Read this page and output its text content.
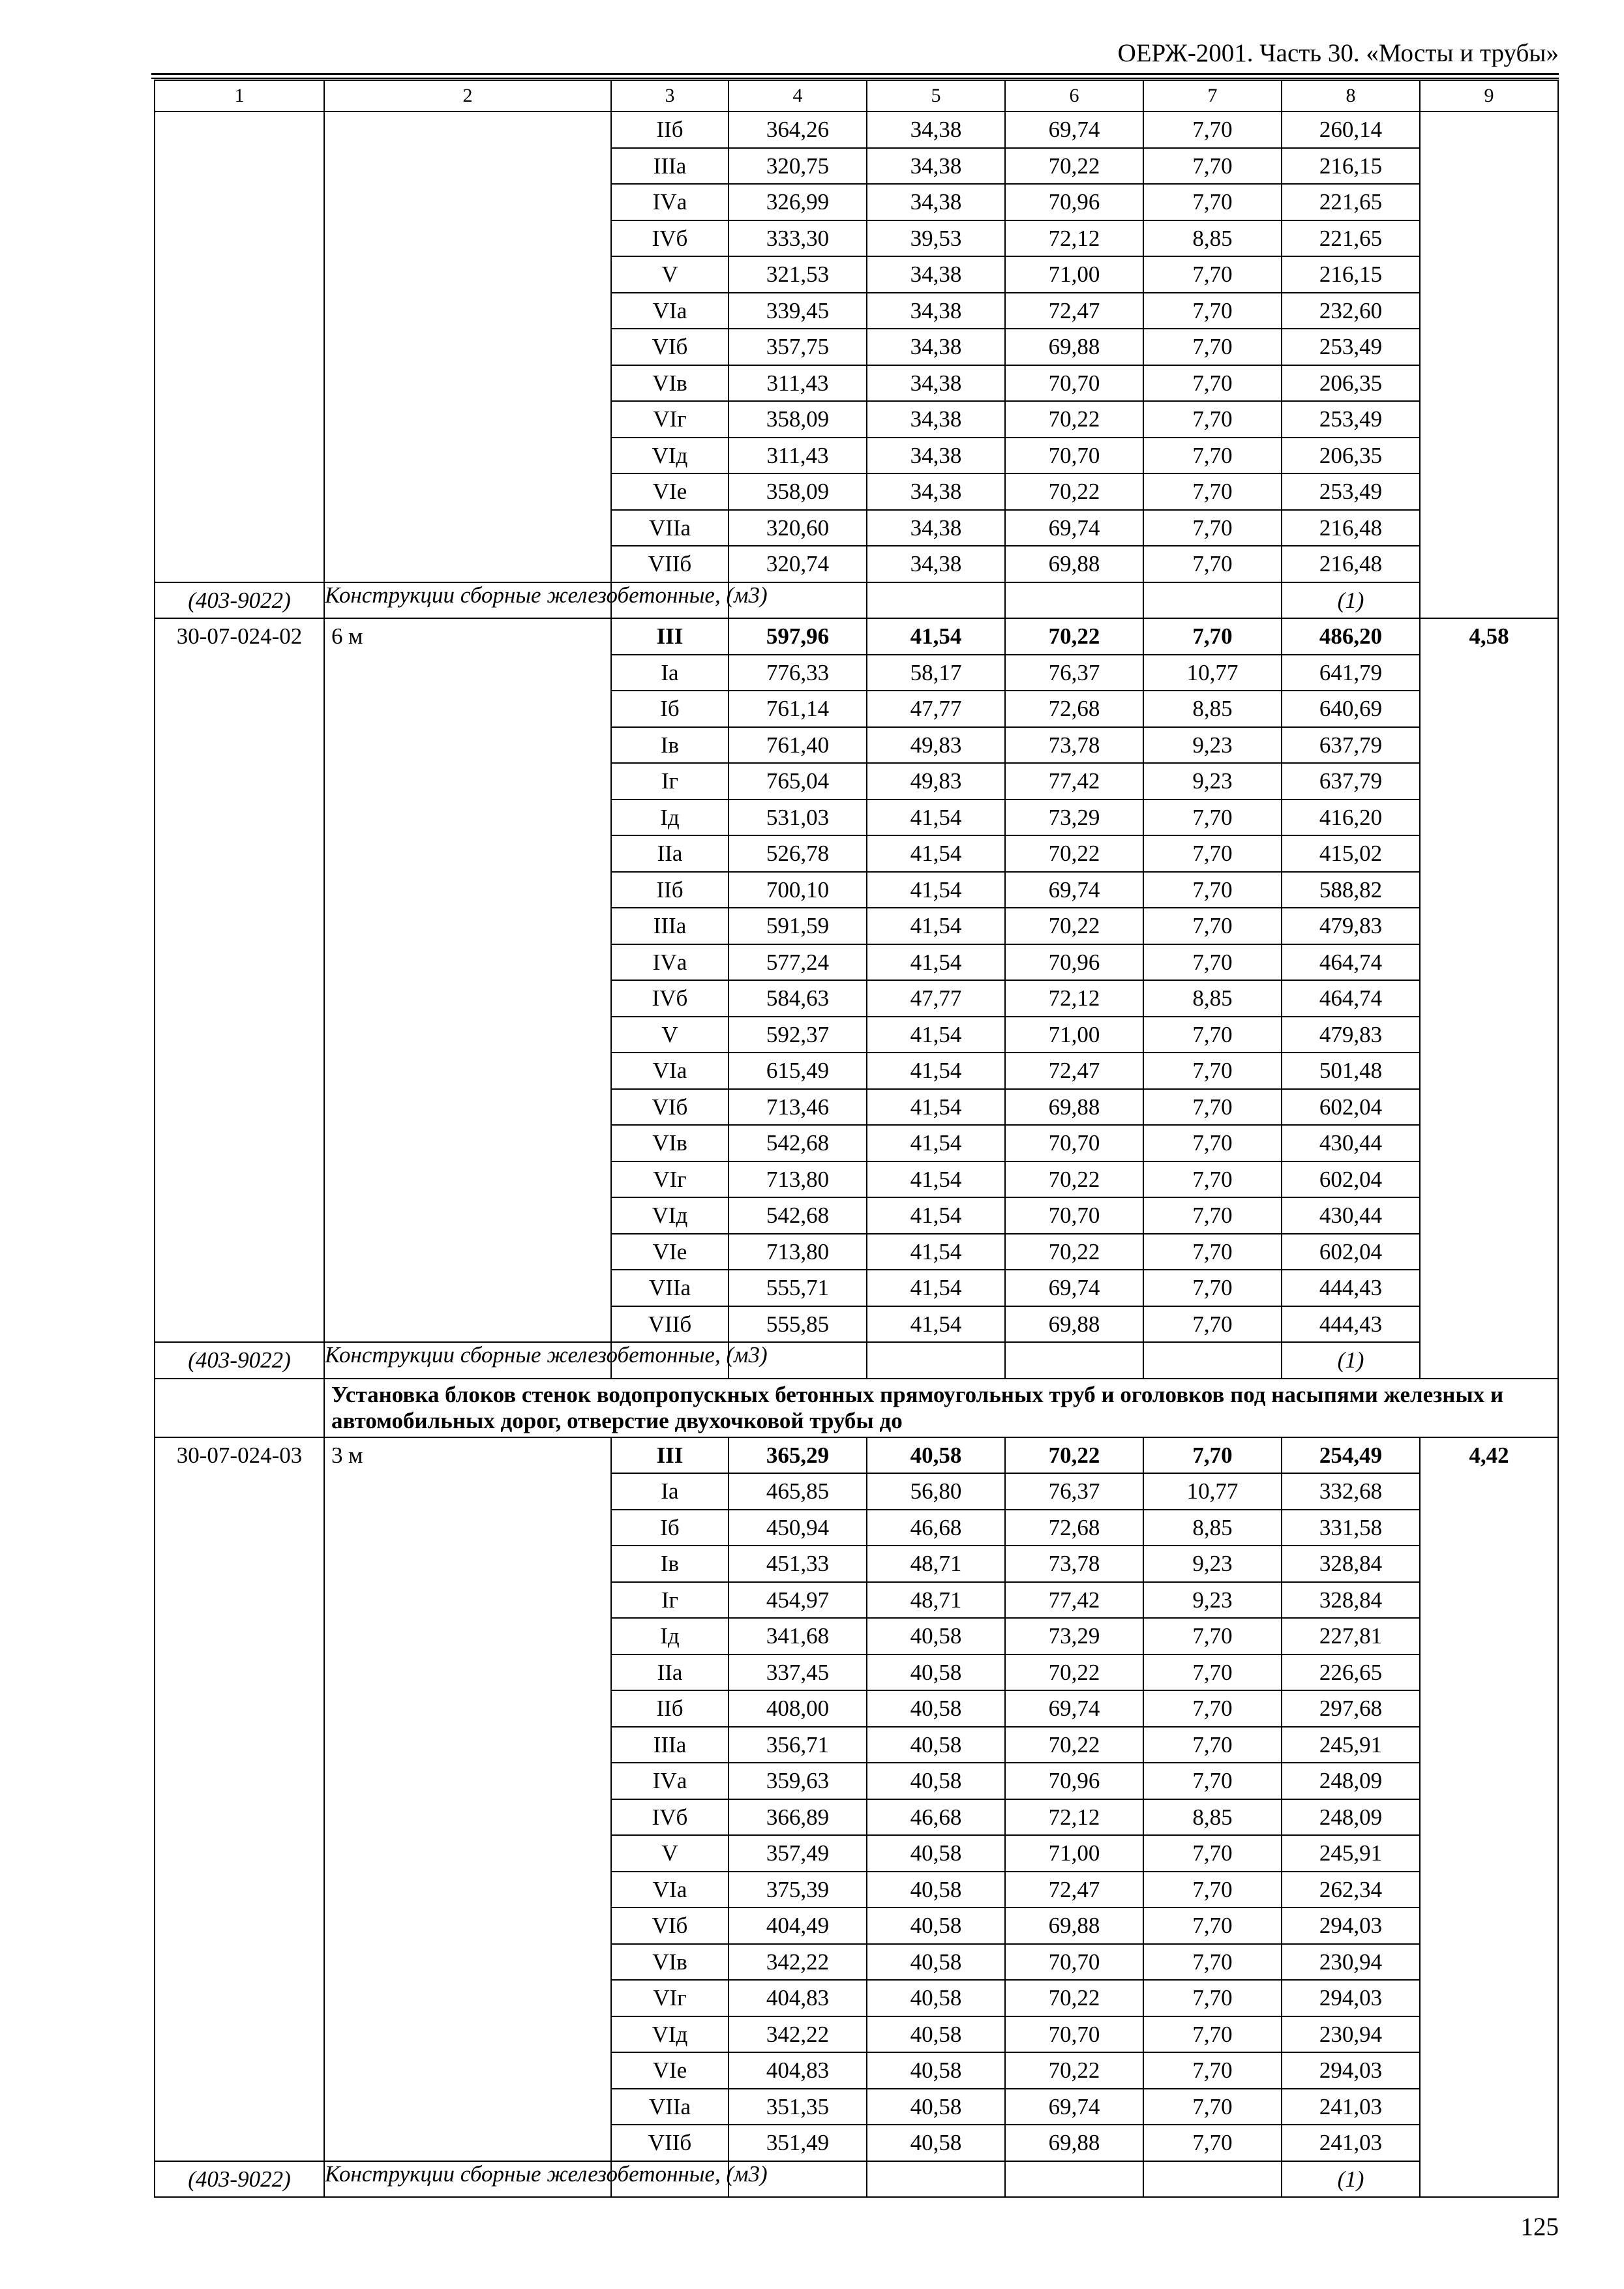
ОЕРЖ-2001. Часть 30. «Мосты и трубы»
1	2	3	4	5	6	7	8	9
		IIб	364,26	34,38	69,74	7,70	260,14	
		IIIа	320,75	34,38	70,22	7,70	216,15	
		IVа	326,99	34,38	70,96	7,70	221,65	
		IVб	333,30	39,53	72,12	8,85	221,65	
		V	321,53	34,38	71,00	7,70	216,15	
		VIа	339,45	34,38	72,47	7,70	232,60	
		VIб	357,75	34,38	69,88	7,70	253,49	
		VIв	311,43	34,38	70,70	7,70	206,35	
		VIг	358,09	34,38	70,22	7,70	253,49	
		VIд	311,43	34,38	70,70	7,70	206,35	
		VIе	358,09	34,38	70,22	7,70	253,49	
		VIIа	320,60	34,38	69,74	7,70	216,48	
		VIIб	320,74	34,38	69,88	7,70	216,48	
(403-9022)	Конструкции сборные железобетонные, (м3)						(1)	
30-07-024-02	6 м	III	597,96	41,54	70,22	7,70	486,20	4,58
		Iа	776,33	58,17	76,37	10,77	641,79	
		Iб	761,14	47,77	72,68	8,85	640,69	
		Iв	761,40	49,83	73,78	9,23	637,79	
		Iг	765,04	49,83	77,42	9,23	637,79	
		Iд	531,03	41,54	73,29	7,70	416,20	
		IIа	526,78	41,54	70,22	7,70	415,02	
		IIб	700,10	41,54	69,74	7,70	588,82	
		IIIа	591,59	41,54	70,22	7,70	479,83	
		IVа	577,24	41,54	70,96	7,70	464,74	
		IVб	584,63	47,77	72,12	8,85	464,74	
		V	592,37	41,54	71,00	7,70	479,83	
		VIа	615,49	41,54	72,47	7,70	501,48	
		VIб	713,46	41,54	69,88	7,70	602,04	
		VIв	542,68	41,54	70,70	7,70	430,44	
		VIг	713,80	41,54	70,22	7,70	602,04	
		VIд	542,68	41,54	70,70	7,70	430,44	
		VIе	713,80	41,54	70,22	7,70	602,04	
		VIIа	555,71	41,54	69,74	7,70	444,43	
		VIIб	555,85	41,54	69,88	7,70	444,43	
(403-9022)	Конструкции сборные железобетонные, (м3)						(1)	
	Установка блоков стенок водопропускных бетонных прямоугольных труб и оголовков под насыпями железных и автомобильных дорог, отверстие двухочковой трубы до							
30-07-024-03	3 м	III	365,29	40,58	70,22	7,70	254,49	4,42
		Iа	465,85	56,80	76,37	10,77	332,68	
		Iб	450,94	46,68	72,68	8,85	331,58	
		Iв	451,33	48,71	73,78	9,23	328,84	
		Iг	454,97	48,71	77,42	9,23	328,84	
		Iд	341,68	40,58	73,29	7,70	227,81	
		IIа	337,45	40,58	70,22	7,70	226,65	
		IIб	408,00	40,58	69,74	7,70	297,68	
		IIIа	356,71	40,58	70,22	7,70	245,91	
		IVа	359,63	40,58	70,96	7,70	248,09	
		IVб	366,89	46,68	72,12	8,85	248,09	
		V	357,49	40,58	71,00	7,70	245,91	
		VIа	375,39	40,58	72,47	7,70	262,34	
		VIб	404,49	40,58	69,88	7,70	294,03	
		VIв	342,22	40,58	70,70	7,70	230,94	
		VIг	404,83	40,58	70,22	7,70	294,03	
		VIд	342,22	40,58	70,70	7,70	230,94	
		VIе	404,83	40,58	70,22	7,70	294,03	
		VIIа	351,35	40,58	69,74	7,70	241,03	
		VIIб	351,49	40,58	69,88	7,70	241,03	
(403-9022)	Конструкции сборные железобетонные, (м3)						(1)	
125
